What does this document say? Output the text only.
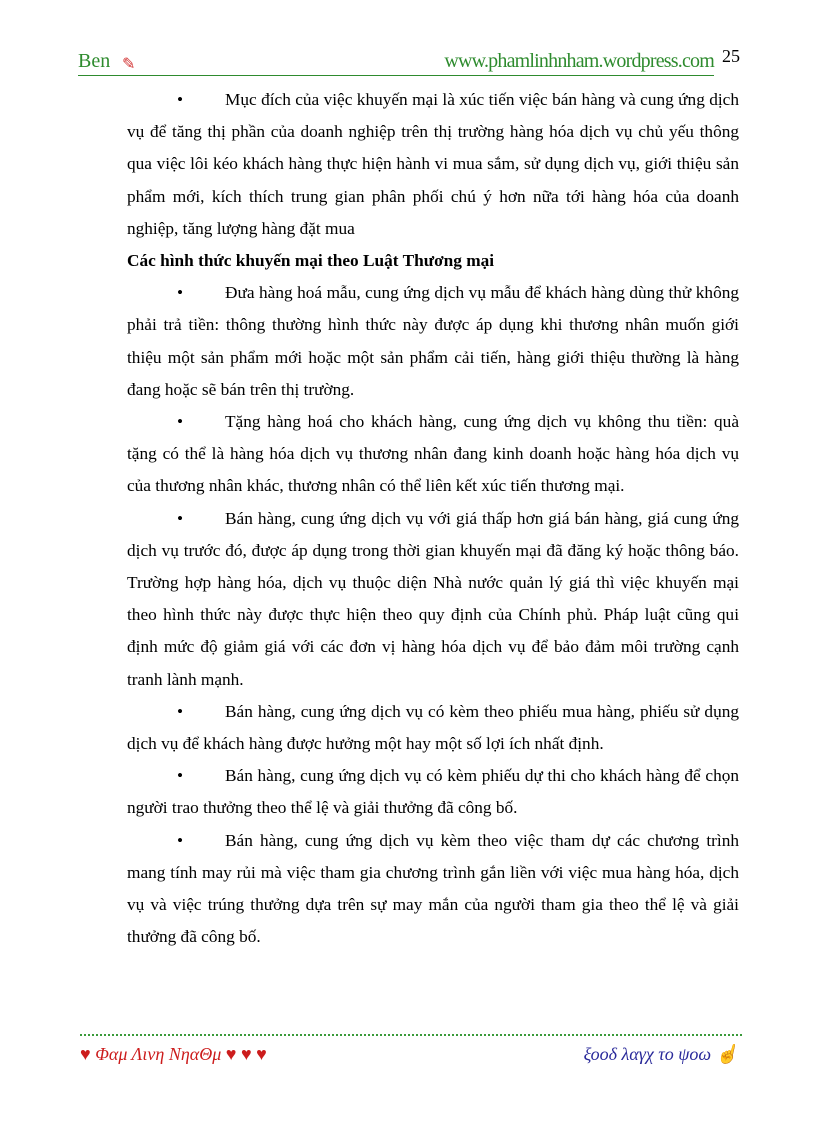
Ben ✎	www.phamlinhnham.wordpress.com 25

• Mục đích của việc khuyến mại là xúc tiến việc bán hàng và cung ứng dịch vụ để tăng thị phần của doanh nghiệp trên thị trường hàng hóa dịch vụ chủ yếu thông qua việc lôi kéo khách hàng thực hiện hành vi mua sắm, sử dụng dịch vụ, giới thiệu sản phẩm mới, kích thích trung gian phân phối chú ý hơn nữa tới hàng hóa của doanh nghiệp, tăng lượng hàng đặt mua

Các hình thức khuyến mại theo Luật Thương mại

• Đưa hàng hoá mẫu, cung ứng dịch vụ mẫu để khách hàng dùng thử không phải trả tiền: thông thường hình thức này được áp dụng khi thương nhân muốn giới thiệu một sản phẩm mới hoặc một sản phẩm cải tiến, hàng giới thiệu thường là hàng đang hoặc sẽ bán trên thị trường.

• Tặng hàng hoá cho khách hàng, cung ứng dịch vụ không thu tiền: quà tặng có thể là hàng hóa dịch vụ thương nhân đang kinh doanh hoặc hàng hóa dịch vụ của thương nhân khác, thương nhân có thể liên kết xúc tiến thương mại.

• Bán hàng, cung ứng dịch vụ với giá thấp hơn giá bán hàng, giá cung ứng dịch vụ trước đó, được áp dụng trong thời gian khuyến mại đã đăng ký hoặc thông báo. Trường hợp hàng hóa, dịch vụ thuộc diện Nhà nước quản lý giá thì việc khuyến mại theo hình thức này được thực hiện theo quy định của Chính phủ. Pháp luật cũng qui định mức độ giảm giá với các đơn vị hàng hóa dịch vụ để bảo đảm môi trường cạnh tranh lành mạnh.

• Bán hàng, cung ứng dịch vụ có kèm theo phiếu mua hàng, phiếu sử dụng dịch vụ để khách hàng được hưởng một hay một số lợi ích nhất định.

• Bán hàng, cung ứng dịch vụ có kèm phiếu dự thi cho khách hàng để chọn người trao thưởng theo thể lệ và giải thưởng đã công bố.

• Bán hàng, cung ứng dịch vụ kèm theo việc tham dự các chương trình mang tính may rủi mà việc tham gia chương trình gắn liền với việc mua hàng hóa, dịch vụ và việc trúng thưởng dựa trên sự may mắn của người tham gia theo thể lệ và giải thưởng đã công bố.

♥ Φαμ Λινη ΝηαΘμ ♥ ♥ ♥	ξοοδ λαγχ το ψοω ☝
